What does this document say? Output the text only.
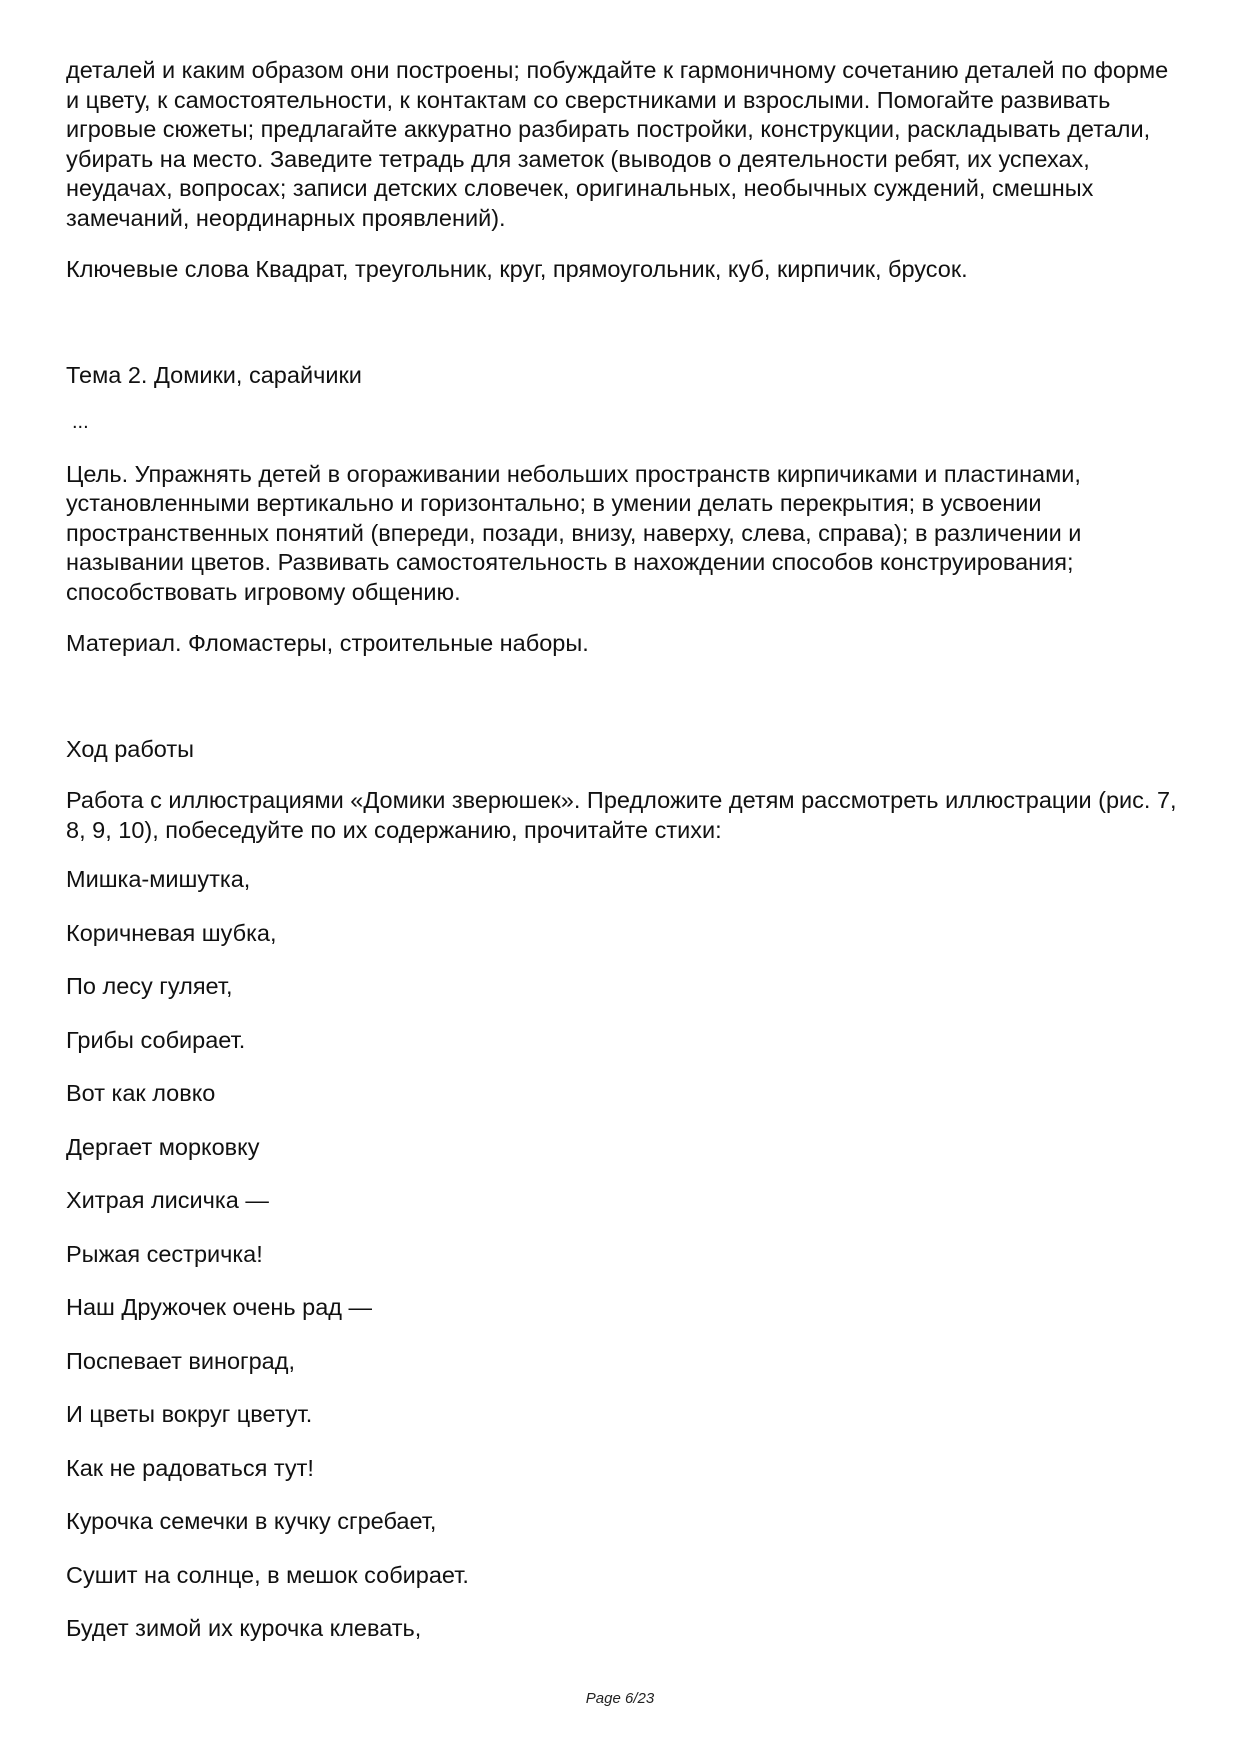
деталей и каким образом они построены; побуждайте к гармоничному сочетанию деталей по форме и цвету, к самостоятельности, к контактам со сверстниками и взрослыми. Помогайте развивать игровые сюжеты; предлагайте аккуратно разбирать постройки, конструкции, раскладывать детали, убирать на место. Заведите тетрадь для заметок (выводов о деятельности ребят, их успехах, неудачах, вопросах; записи детских словечек, оригинальных, необычных суждений, смешных замечаний, неординарных проявлений).

Ключевые слова Квадрат, треугольник, круг, прямоугольник, куб, кирпичик, брусок.

Тема 2. Домики, сарайчики

...

Цель. Упражнять детей в огораживании небольших пространств кирпичиками и пластинами, установленными вертикально и горизонтально; в умении делать перекрытия; в усвоении пространственных понятий (впереди, позади, внизу, наверху, слева, справа); в различении и назывании цветов. Развивать самостоятельность в нахождении способов конструирования; способствовать игровому общению.

Материал. Фломастеры, строительные наборы.

Ход работы

Работа с иллюстрациями «Домики зверюшек». Предложите детям рассмотреть иллюстрации (рис. 7, 8, 9, 10), побеседуйте по их содержанию, прочитайте стихи:

Мишка-мишутка,

Коричневая шубка,

По лесу гуляет,

Грибы собирает.

Вот как ловко

Дергает морковку

Хитрая лисичка —

Рыжая сестричка!

Наш Дружочек очень рад —

Поспевает виноград,

И цветы вокруг цветут.

Как не радоваться тут!

Курочка семечки в кучку сгребает,

Сушит на солнце, в мешок собирает.

Будет зимой их курочка клевать,

Page 6/23
